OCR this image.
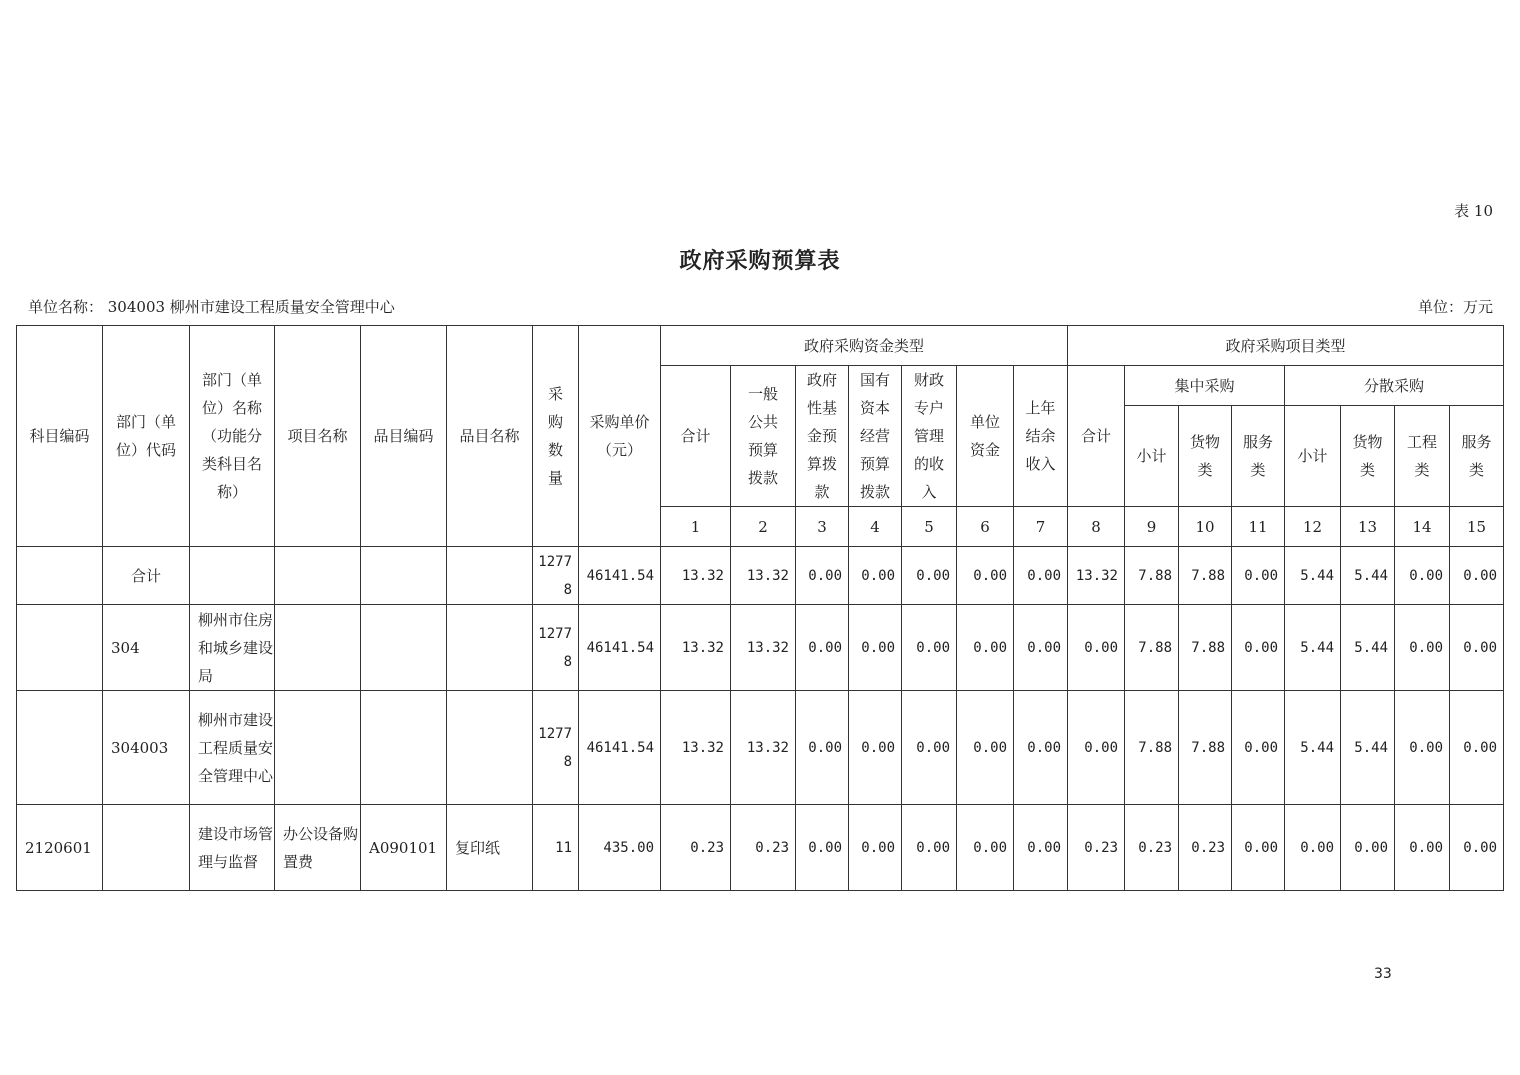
表 10
政府采购预算表
单位名称： 304003 柳州市建设工程质量安全管理中心	单位：万元
科目编码	部门（单位）代码	部门（单位）名称（功能分类科目名称）	项目名称	品目编码	品目名称	采购数量	采购单价（元）	政府采购资金类型							政府采购项目类型							
								合计	一般公共预算拨款	政府性基金预算拨款	国有资本经营预算拨款	财政专户管理的收入	单位资金	上年结余收入	合计	集中采购			分散采购			
																小计	货物类	服务类	小计	货物类	工程类	服务类
								1	2	3	4	5	6	7	8	9	10	11	12	13	14	15
	合计					12778	46141.54	13.32	13.32	0.00	0.00	0.00	0.00	0.00	13.32	7.88	7.88	0.00	5.44	5.44	0.00	0.00
	304	柳州市住房和城乡建设局				12778	46141.54	13.32	13.32	0.00	0.00	0.00	0.00	0.00	0.00	7.88	7.88	0.00	5.44	5.44	0.00	0.00
	304003	柳州市建设工程质量安全管理中心				12778	46141.54	13.32	13.32	0.00	0.00	0.00	0.00	0.00	0.00	7.88	7.88	0.00	5.44	5.44	0.00	0.00
2120601		建设市场管理与监督	办公设备购置费	A090101	复印纸	11	435.00	0.23	0.23	0.00	0.00	0.00	0.00	0.00	0.23	0.23	0.23	0.00	0.00	0.00	0.00	0.00
33
